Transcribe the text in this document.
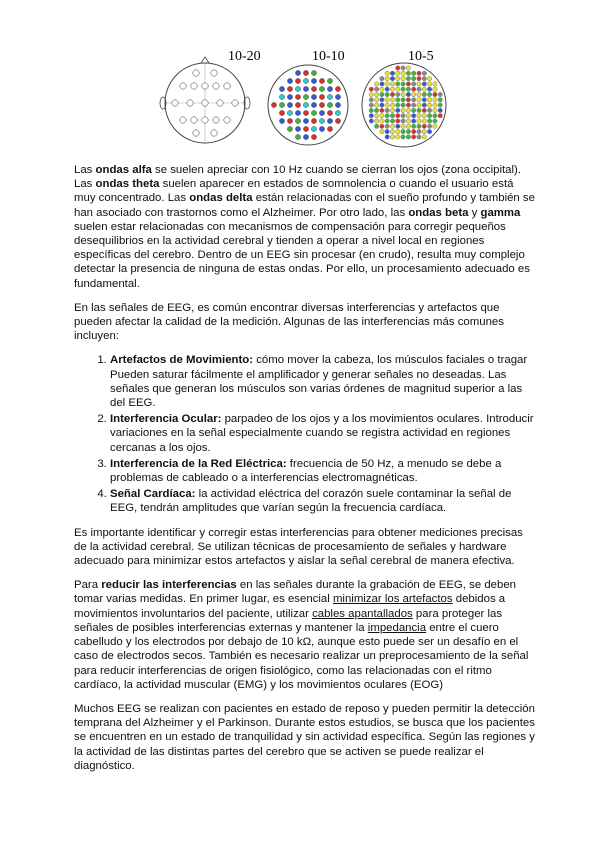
10-20	10-10	10-5

Las ondas alfa se suelen apreciar con 10 Hz cuando se cierran los ojos (zona occipital). Las ondas theta suelen aparecer en estados de somnolencia o cuando el usuario está muy concentrado. Las ondas delta están relacionadas con el sueño profundo y también se han asociado con trastornos como el Alzheimer. Por otro lado, las ondas beta y gamma suelen estar relacionadas con mecanismos de compensación para corregir pequeños desequilibrios en la actividad cerebral y tienden a operar a nivel local en regiones específicas del cerebro. Dentro de un EEG sin procesar (en crudo), resulta muy complejo detectar la presencia de ninguna de estas ondas. Por ello, un procesamiento adecuado es fundamental.

En las señales de EEG, es común encontrar diversas interferencias y artefactos que pueden afectar la calidad de la medición. Algunas de las interferencias más comunes incluyen:

1. Artefactos de Movimiento: cómo mover la cabeza, los músculos faciales o tragar Pueden saturar fácilmente el amplificador y generar señales no deseadas. Las señales que generan los músculos son varias órdenes de magnitud superior a las del EEG.
2. Interferencia Ocular: parpadeo de los ojos y a los movimientos oculares. Introducir variaciones en la señal especialmente cuando se registra actividad en regiones cercanas a los ojos.
3. Interferencia de la Red Eléctrica: frecuencia de 50 Hz, a menudo se debe a problemas de cableado o a interferencias electromagnéticas.
4. Señal Cardíaca: la actividad eléctrica del corazón suele contaminar la señal de EEG, tendrán amplitudes que varían según la frecuencia cardíaca.

Es importante identificar y corregir estas interferencias para obtener mediciones precisas de la actividad cerebral. Se utilizan técnicas de procesamiento de señales y hardware adecuado para minimizar estos artefactos y aislar la señal cerebral de manera efectiva.

Para reducir las interferencias en las señales durante la grabación de EEG, se deben tomar varias medidas. En primer lugar, es esencial minimizar los artefactos debidos a movimientos involuntarios del paciente, utilizar cables apantallados para proteger las señales de posibles interferencias externas y mantener la impedancia entre el cuero cabelludo y los electrodos por debajo de 10 kΩ, aunque esto puede ser un desafío en el caso de electrodos secos. También es necesario realizar un preprocesamiento de la señal para reducir interferencias de origen fisiológico, como las relacionadas con el ritmo cardíaco, la actividad muscular (EMG) y los movimientos oculares (EOG)

Muchos EEG se realizan con pacientes en estado de reposo y pueden permitir la detección temprana del Alzheimer y el Parkinson. Durante estos estudios, se busca que los pacientes se encuentren en un estado de tranquilidad y sin actividad específica. Según las regiones y la actividad de las distintas partes del cerebro que se activen se puede realizar el diagnóstico.
